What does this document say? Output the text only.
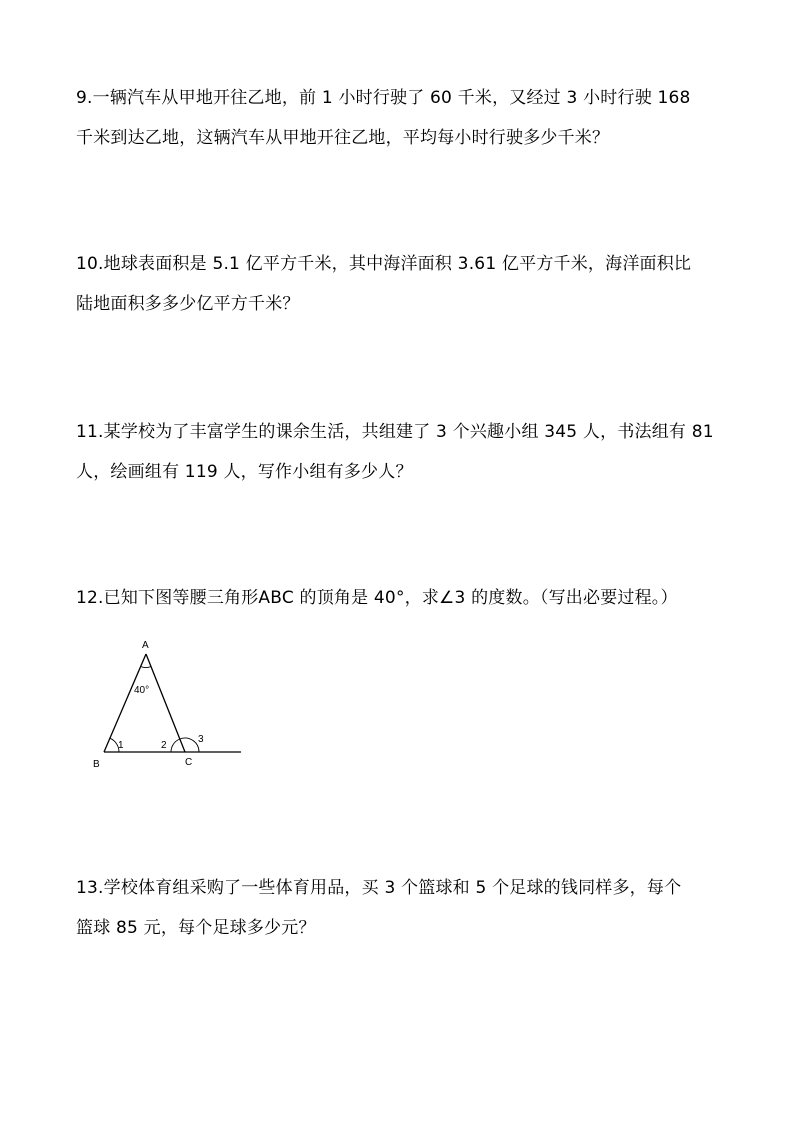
9.一辆汽车从甲地开往乙地，前 1 小时行驶了 60 千米，又经过 3 小时行驶 168

千米到达乙地，这辆汽车从甲地开往乙地，平均每小时行驶多少千米？

10.地球表面积是 5.1 亿平方千米，其中海洋面积 3.61 亿平方千米，海洋面积比

陆地面积多多少亿平方千米？

11.某学校为了丰富学生的课余生活，共组建了 3 个兴趣小组 345 人，书法组有 81

人，绘画组有 119 人，写作小组有多少人？

12.已知下图等腰三角形ABC 的顶角是 40°，求∠3 的度数。（写出必要过程。）

A
40°
1	2
3
B	C

13.学校体育组采购了一些体育用品，买 3 个篮球和 5 个足球的钱同样多，每个

篮球 85 元，每个足球多少元？
